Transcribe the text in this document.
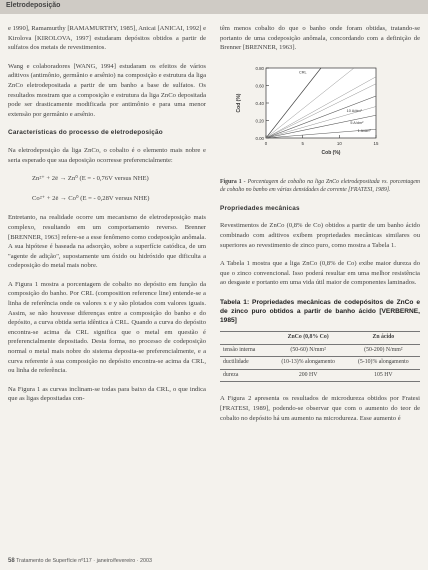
Eletrodeposição

e 1990], Ramamurthy [RAMAMURTHY, 1985], Anicai [ANICAI, 1992] e Kirolova [KIROLOVA, 1997] estudaram depósitos obtidos a partir de sulfatos dos metais de revestimentos.

Wang e colaboradores [WANG, 1994] estudaram os efeitos de vários aditivos (antimônio, germânio e arsênio) na composição e estrutura da liga ZnCo eletrodepositada a partir de um banho a base de sulfatos. Os resultados mostram que a composição e estrutura da liga ZnCo depositada pode ser drasticamente modificada por antimônio e para uma menor extensão por germânio e arsênio.

Características do processo de eletrodeposição

Na eletrodeposição da liga ZnCo, o cobalto é o elemento mais nobre e seria esperado que sua deposição ocorresse preferencialmente:

Zn²⁺ + 2ē → Zn⁰ (E = - 0,76V versus NHE)
Co²⁺ + 2ē → Co⁰ (E = - 0,28V versus NHE)

Entretanto, na realidade ocorre um mecanismo de eletrodeposição mais complexo, resultando em um comportamento reverso. Brenner [BRENNER, 1963] refere-se a esse fenômeno como codeposição anômala. A sua hipótese é baseada na adsorção, sobre a superfície catódica, de um "agente de adição", supostamente um óxido ou hidróxido que dificulta a codeposição do metal mais nobre.

A Figura 1 mostra a porcentagem de cobalto no depósito em função da composição do banho. Por CRL (composition reference line) entende-se a linha de referência onde os valores x e y são plotados com valores iguais. Assim, se não houvesse diferenças entre a composição do banho e do depósito, a curva obtida seria idêntica à CRL. Quando a curva do depósito encontra-se acima da CRL significa que o metal em questão é preferencialmente depositado. Desta forma, no processo de codeposição normal o metal mais nobre do sistema deposita-se preferencialmente, e a curva referente à sua composição no depósito encontra-se acima da CRL, ou linha de referência.

Na Figura 1 as curvas inclinam-se todas para baixo da CRL, o que indica que as ligas depositadas con-

têm menos cobalto do que o banho onde foram obtidas, tratando-se portanto de uma codeposição anômala, concordando com a definição de Brenner [BRENNER, 1963].

0.00
0.20
0.40
0.60
0.80
0	5	10	15
Cob (%)
Cod (%)
CRL
10 A/dm²
5 A/dm²
1 A/dm²
Figura 1 - Porcentagem de cobalto na liga ZnCo eletrodepositada vs. porcentagem de cobalto no banho em várias densidades de corrente [FRATESI, 1989].
Propriedades mecânicas

Revestimentos de ZnCo (0,8% de Co) obtidos a partir de um banho ácido combinado com aditivos exibem propriedades mecânicas similares ou superiores ao revestimento de zinco puro, como mostra a Tabela 1.

A Tabela 1 mostra que a liga ZnCo (0,8% de Co) exibe maior dureza do que o zinco convencional. Isso poderá resultar em uma melhor resistência ao desgaste e portanto em uma vida útil maior de componentes laminados.

Tabela 1: Propriedades mecânicas de codepósitos de ZnCo e de zinco puro obtidos a partir de banho ácido [VERBERNE, 1985]
	ZnCo (0,8% Co)	Zn ácido
tensão interna	(50-60) N/mm²	(50-200) N/mm²
ductilidade	(10-13)% alongamento	(5-10)% alongamento
dureza	200 HV	105 HV

A Figura 2 apresenta os resultados de microdureza obtidos por Fratesi [FRATESI, 1989], podendo-se observar que com o aumento do teor de cobalto no depósito há um aumento na microdureza. Esse aumento é

58 Tratamento de Superfície nº117 · janeiro/fevereiro · 2003
